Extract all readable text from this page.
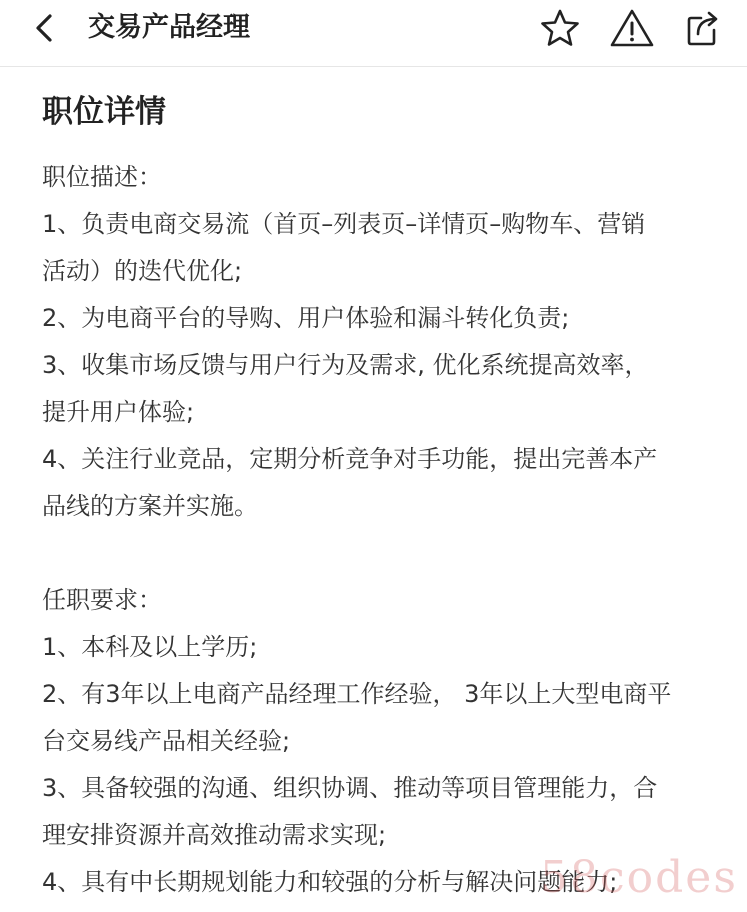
交易产品经理
职位详情
职位描述：
1、负责电商交易流（首页–列表页–详情页–购物车、营销
活动）的迭代优化;
2、为电商平台的导购、用户体验和漏斗转化负责;
3、收集市场反馈与用户行为及需求, 优化系统提高效率，
提升用户体验;
4、关注行业竞品，定期分析竞争对手功能，提出完善本产
品线的方案并实施。
任职要求：
1、本科及以上学历;
2、有3年以上电商产品经理工作经验， 3年以上大型电商平
台交易线产品相关经验;
3、具备较强的沟通、组织协调、推动等项目管理能力，合
理安排资源并高效推动需求实现;
4、具有中长期规划能力和较强的分析与解决问题能力;
58codes
